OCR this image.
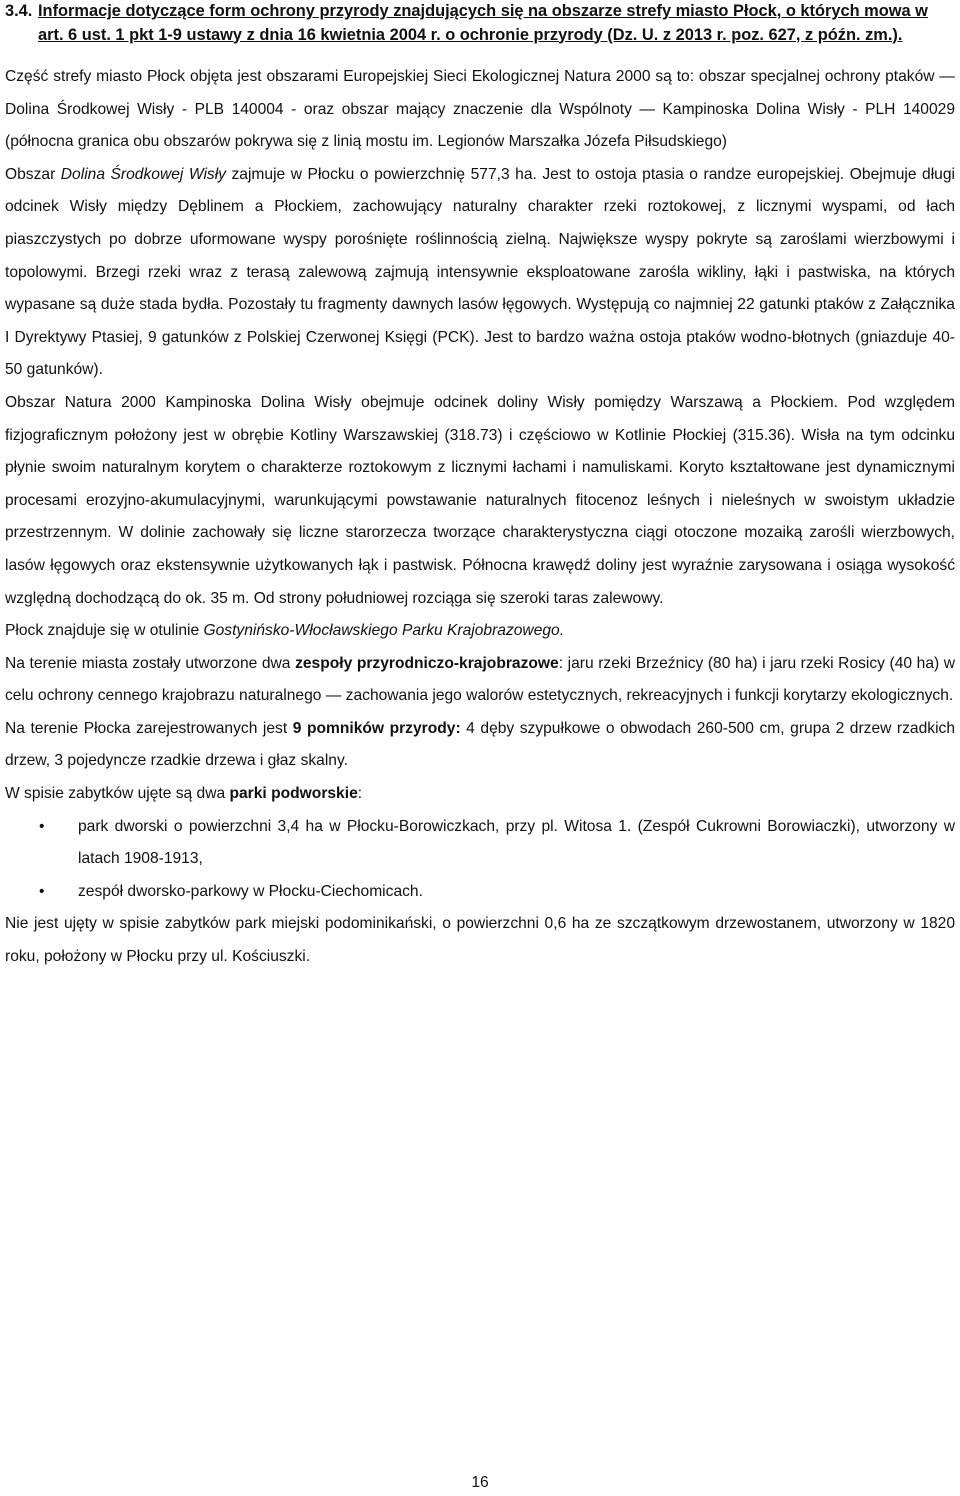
3.4. Informacje dotyczące form ochrony przyrody znajdujących się na obszarze strefy miasto Płock, o których mowa w art. 6 ust. 1 pkt 1-9 ustawy z dnia 16 kwietnia 2004 r. o ochronie przyrody (Dz. U. z 2013 r. poz. 627, z późn. zm.).

Część strefy miasto Płock objęta jest obszarami Europejskiej Sieci Ekologicznej Natura 2000 są to: obszar specjalnej ochrony ptaków — Dolina Środkowej Wisły - PLB 140004 - oraz obszar mający znaczenie dla Wspólnoty — Kampinoska Dolina Wisły - PLH 140029 (północna granica obu obszarów pokrywa się z linią mostu im. Legionów Marszałka Józefa Piłsudskiego)

Obszar Dolina Środkowej Wisły zajmuje w Płocku o powierzchnię 577,3 ha. Jest to ostoja ptasia o randze europejskiej. Obejmuje długi odcinek Wisły między Dęblinem a Płockiem, zachowujący naturalny charakter rzeki roztokowej, z licznymi wyspami, od łach piaszczystych po dobrze uformowane wyspy porośnięte roślinnością zielną. Największe wyspy pokryte są zaroślami wierzbowymi i topolowymi. Brzegi rzeki wraz z terasą zalewową zajmują intensywnie eksploatowane zarośla wikliny, łąki i pastwiska, na których wypasane są duże stada bydła. Pozostały tu fragmenty dawnych lasów łęgowych. Występują co najmniej 22 gatunki ptaków z Załącznika I Dyrektywy Ptasiej, 9 gatunków z Polskiej Czerwonej Księgi (PCK). Jest to bardzo ważna ostoja ptaków wodno-błotnych (gniazduje 40-50 gatunków).

Obszar Natura 2000 Kampinoska Dolina Wisły obejmuje odcinek doliny Wisły pomiędzy Warszawą a Płockiem. Pod względem fizjograficznym położony jest w obrębie Kotliny Warszawskiej (318.73) i częściowo w Kotlinie Płockiej (315.36). Wisła na tym odcinku płynie swoim naturalnym korytem o charakterze roztokowym z licznymi łachami i namuliskami. Koryto kształtowane jest dynamicznymi procesami erozyjno-akumulacyjnymi, warunkującymi powstawanie naturalnych fitocenoz leśnych i nieleśnych w swoistym układzie przestrzennym. W dolinie zachowały się liczne starorzecza tworzące charakterystyczna ciągi otoczone mozaiką zarośli wierzbowych, lasów łęgowych oraz ekstensywnie użytkowanych łąk i pastwisk. Północna krawędź doliny jest wyraźnie zarysowana i osiąga wysokość względną dochodzącą do ok. 35 m. Od strony południowej rozciąga się szeroki taras zalewowy.

Płock znajduje się w otulinie Gostynińsko-Włocławskiego Parku Krajobrazowego.

Na terenie miasta zostały utworzone dwa zespoły przyrodniczo-krajobrazowe: jaru rzeki Brzeźnicy (80 ha) i jaru rzeki Rosicy (40 ha) w celu ochrony cennego krajobrazu naturalnego — zachowania jego walorów estetycznych, rekreacyjnych i funkcji korytarzy ekologicznych.

Na terenie Płocka zarejestrowanych jest 9 pomników przyrody: 4 dęby szypułkowe o obwodach 260-500 cm, grupa 2 drzew rzadkich drzew, 3 pojedyncze rzadkie drzewa i głaz skalny.

W spisie zabytków ujęte są dwa parki podworskie:

• park dworski o powierzchni 3,4 ha w Płocku-Borowiczkach, przy pl. Witosa 1. (Zespół Cukrowni Borowiaczki), utworzony w latach 1908-1913,
• zespół dworsko-parkowy w Płocku-Ciechomicach.

Nie jest ujęty w spisie zabytków park miejski podominikański, o powierzchni 0,6 ha ze szczątkowym drzewostanem, utworzony w 1820 roku, położony w Płocku przy ul. Kościuszki.

16
